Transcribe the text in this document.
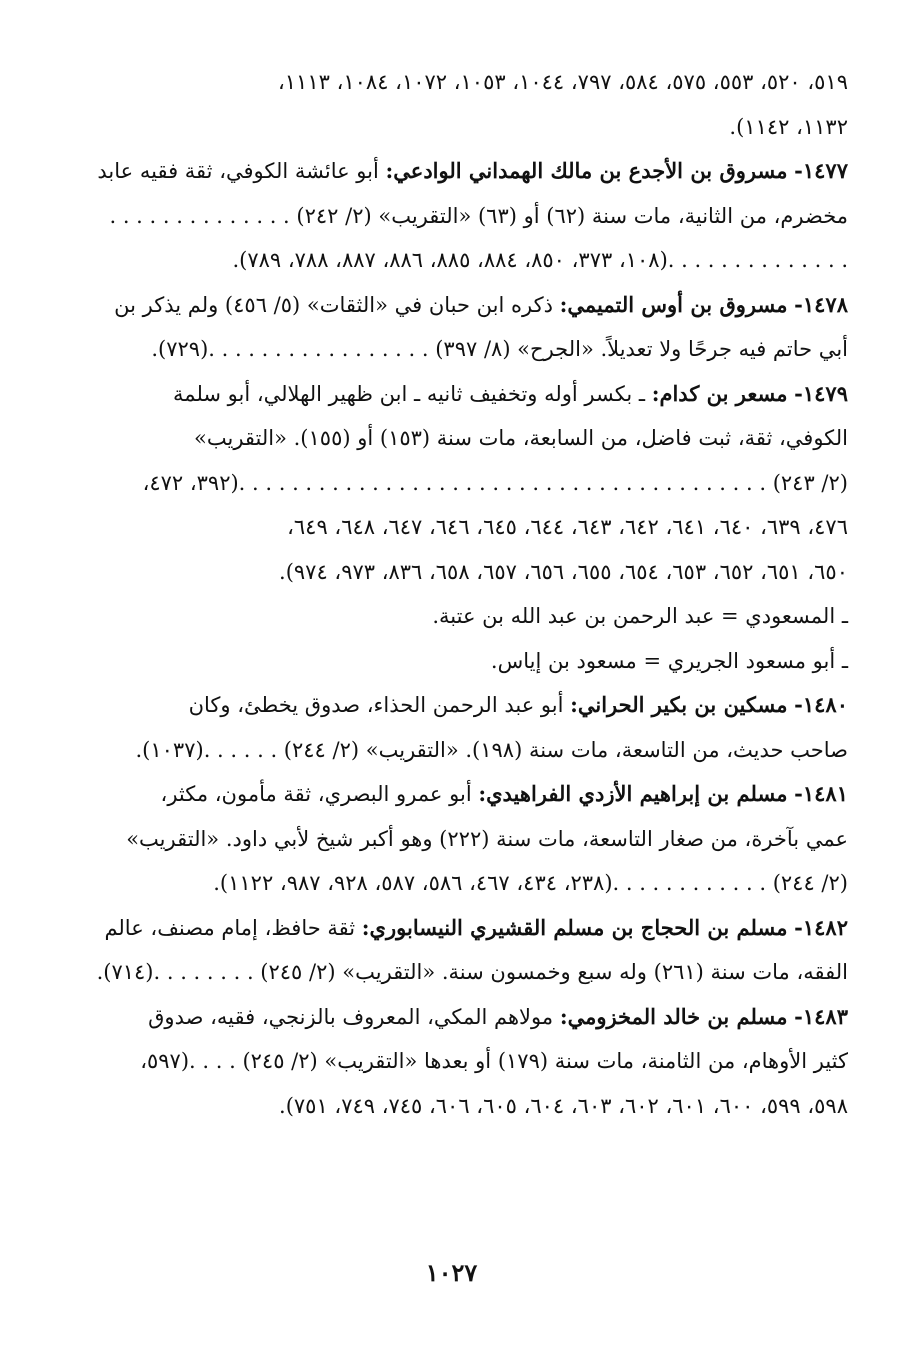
٥١٩، ٥٢٠، ٥٥٣، ٥٧٥، ٥٨٤، ٧٩٧، ١٠٤٤، ١٠٥٣، ١٠٧٢، ١٠٨٤، ١١١٣،
١١٣٢، ١١٤٢).
١٤٧٧- مسروق بن الأجدع بن مالك الهمداني الوادعي: أبو عائشة الكوفي، ثقة فقيه عابد
مخضرم، من الثانية، مات سنة (٦٢) أو (٦٣) «التقريب» (٢/ ٢٤٢) . . . . . . . . . . . . . .
. . . . . . . . . . . . . .(١٠٨، ٣٧٣، ٨٥٠، ٨٨٤، ٨٨٥، ٨٨٦، ٨٨٧، ٧٨٨، ٧٨٩).
١٤٧٨- مسروق بن أوس التميمي: ذكره ابن حبان في «الثقات» (٥/ ٤٥٦) ولم يذكر بن
أبي حاتم فيه جرحًا ولا تعديلاً. «الجرح» (٨/ ٣٩٧) . . . . . . . . . . . . . . . . .(٧٢٩).
١٤٧٩- مسعر بن كدام: ـ بكسر أوله وتخفيف ثانيه ـ ابن ظهير الهلالي، أبو سلمة
الكوفي، ثقة، ثبت فاضل، من السابعة، مات سنة (١٥٣) أو (١٥٥). «التقريب»
(٢/ ٢٤٣) . . . . . . . . . . . . . . . . . . . . . . . . . . . . . . . . . . . . . . . .(٣٩٢، ٤٧٢،
٤٧٦، ٦٣٩، ٦٤٠، ٦٤١، ٦٤٢، ٦٤٣، ٦٤٤، ٦٤٥، ٦٤٦، ٦٤٧، ٦٤٨، ٦٤٩،
٦٥٠، ٦٥١، ٦٥٢، ٦٥٣، ٦٥٤، ٦٥٥، ٦٥٦، ٦٥٧، ٦٥٨، ٨٣٦، ٩٧٣، ٩٧٤).
ـ المسعودي = عبد الرحمن بن عبد الله بن عتبة.
ـ أبو مسعود الجريري = مسعود بن إياس.
١٤٨٠- مسكين بن بكير الحراني: أبو عبد الرحمن الحذاء، صدوق يخطئ، وكان
صاحب حديث، من التاسعة، مات سنة (١٩٨). «التقريب» (٢/ ٢٤٤) . . . . . .(١٠٣٧).
١٤٨١- مسلم بن إبراهيم الأزدي الفراهيدي: أبو عمرو البصري، ثقة مأمون، مكثر،
عمي بآخرة، من صغار التاسعة، مات سنة (٢٢٢) وهو أكبر شيخ لأبي داود. «التقريب»
(٢/ ٢٤٤) . . . . . . . . . . . .(٢٣٨، ٤٣٤، ٤٦٧، ٥٨٦، ٥٨٧، ٩٢٨، ٩٨٧، ١١٢٢).
١٤٨٢- مسلم بن الحجاج بن مسلم القشيري النيسابوري: ثقة حافظ، إمام مصنف، عالم
الفقه، مات سنة (٢٦١) وله سبع وخمسون سنة. «التقريب» (٢/ ٢٤٥) . . . . . . . .(٧١٤).
١٤٨٣- مسلم بن خالد المخزومي: مولاهم المكي، المعروف بالزنجي، فقيه، صدوق
كثير الأوهام، من الثامنة، مات سنة (١٧٩) أو بعدها «التقريب» (٢/ ٢٤٥) . . . .(٥٩٧،
٥٩٨، ٥٩٩، ٦٠٠، ٦٠١، ٦٠٢، ٦٠٣، ٦٠٤، ٦٠٥، ٦٠٦، ٧٤٥، ٧٤٩، ٧٥١).
١٠٢٧
